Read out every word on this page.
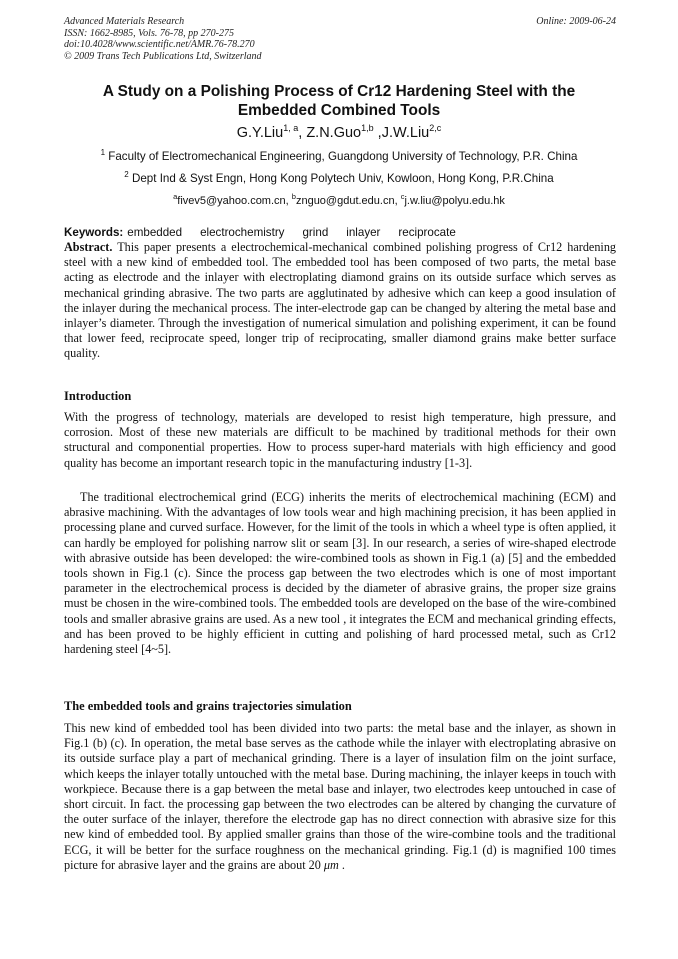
Advanced Materials Research
ISSN: 1662-8985, Vols. 76-78, pp 270-275
doi:10.4028/www.scientific.net/AMR.76-78.270
© 2009 Trans Tech Publications Ltd, Switzerland
Online: 2009-06-24
A Study on a Polishing Process of Cr12 Hardening Steel with the Embedded Combined Tools
G.Y.Liu$^{1, a}$, Z.N.Guo$^{1,b}$ ,J.W.Liu$^{2,c}$
$^1$ Faculty of Electromechanical Engineering, Guangdong University of Technology, P.R. China
$^2$ Dept Ind & Syst Engn, Hong Kong Polytech Univ, Kowloon, Hong Kong, P.R.China
$^a$fivev5@yahoo.com.cn, $^b$znguo@gdut.edu.cn, $^c$j.w.liu@polyu.edu.hk
Keywords: embedded electrochemistry grind inlayer reciprocate
Abstract. This paper presents a electrochemical-mechanical combined polishing progress of Cr12 hardening steel with a new kind of embedded tool. The embedded tool has been composed of two parts, the metal base acting as electrode and the inlayer with electroplating diamond grains on its outside surface which serves as mechanical grinding abrasive. The two parts are agglutinated by adhesive which can keep a good insulation of the inlayer during the mechanical process. The inter-electrode gap can be changed by altering the metal base and inlayer’s diameter. Through the investigation of numerical simulation and polishing experiment, it can be found that lower feed, reciprocate speed, longer trip of reciprocating, smaller diamond grains make better surface quality.
Introduction
With the progress of technology, materials are developed to resist high temperature, high pressure, and corrosion. Most of these new materials are difficult to be machined by traditional methods for their own structural and componential properties. How to process super-hard materials with high efficiency and good quality has become an important research topic in the manufacturing industry [1-3].
The traditional electrochemical grind (ECG) inherits the merits of electrochemical machining (ECM) and abrasive machining. With the advantages of low tools wear and high machining precision, it has been applied in processing plane and curved surface. However, for the limit of the tools in which a wheel type is often applied, it can hardly be employed for polishing narrow slit or seam [3]. In our research, a series of wire-shaped electrode with abrasive outside has been developed: the wire-combined tools as shown in Fig.1 (a) [5] and the embedded tools shown in Fig.1 (c). Since the process gap between the two electrodes which is one of most important parameter in the electrochemical process is decided by the diameter of abrasive grains, the proper size grains must be chosen in the wire-combined tools. The embedded tools are developed on the base of the wire-combined tools and smaller abrasive grains are used. As a new tool , it integrates the ECM and mechanical grinding effects, and has been proved to be highly efficient in cutting and polishing of hard processed metal, such as Cr12 hardening steel [4~5].
The embedded tools and grains trajectories simulation
This new kind of embedded tool has been divided into two parts: the metal base and the inlayer, as shown in Fig.1 (b) (c). In operation, the metal base serves as the cathode while the inlayer with electroplating abrasive on its outside surface play a part of mechanical grinding. There is a layer of insulation film on the joint surface, which keeps the inlayer totally untouched with the metal base. During machining, the inlayer keeps in touch with workpiece. Because there is a gap between the metal base and inlayer, two electrodes keep untouched in case of short circuit. In fact. the processing gap between the two electrodes can be altered by changing the curvature of the outer surface of the inlayer, therefore the electrode gap has no direct connection with abrasive size for this new kind of embedded tool. By applied smaller grains than those of the wire-combine tools and the traditional ECG, it will be better for the surface roughness on the mechanical grinding. Fig.1 (d) is magnified 100 times picture for abrasive layer and the grains are about 20 μm .
